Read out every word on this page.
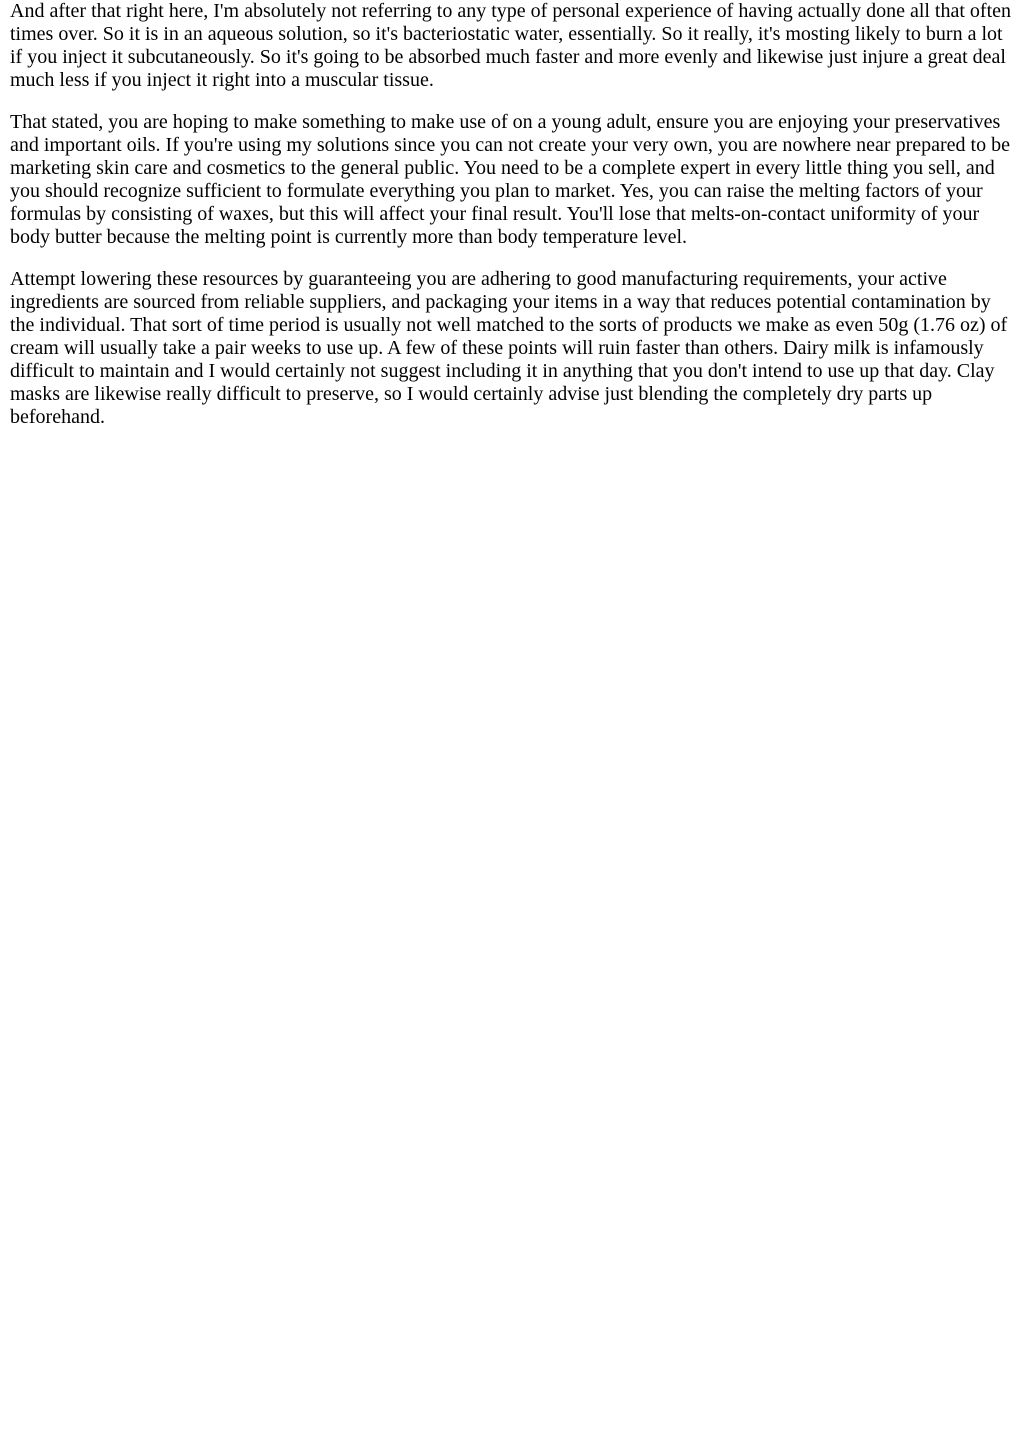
And after that right here, I'm absolutely not referring to any type of personal experience of having actually done all that often times over. So it is in an aqueous solution, so it's bacteriostatic water, essentially. So it really, it's mosting likely to burn a lot if you inject it subcutaneously. So it's going to be absorbed much faster and more evenly and likewise just injure a great deal much less if you inject it right into a muscular tissue.

That stated, you are hoping to make something to make use of on a young adult, ensure you are enjoying your preservatives and important oils. If you're using my solutions since you can not create your very own, you are nowhere near prepared to be marketing skin care and cosmetics to the general public. You need to be a complete expert in every little thing you sell, and you should recognize sufficient to formulate everything you plan to market. Yes, you can raise the melting factors of your formulas by consisting of waxes, but this will affect your final result. You'll lose that melts-on-contact uniformity of your body butter because the melting point is currently more than body temperature level.

Attempt lowering these resources by guaranteeing you are adhering to good manufacturing requirements, your active ingredients are sourced from reliable suppliers, and packaging your items in a way that reduces potential contamination by the individual. That sort of time period is usually not well matched to the sorts of products we make as even 50g (1.76 oz) of cream will usually take a pair weeks to use up. A few of these points will ruin faster than others. Dairy milk is infamously difficult to maintain and I would certainly not suggest including it in anything that you don't intend to use up that day. Clay masks are likewise really difficult to preserve, so I would certainly advise just blending the completely dry parts up beforehand.
